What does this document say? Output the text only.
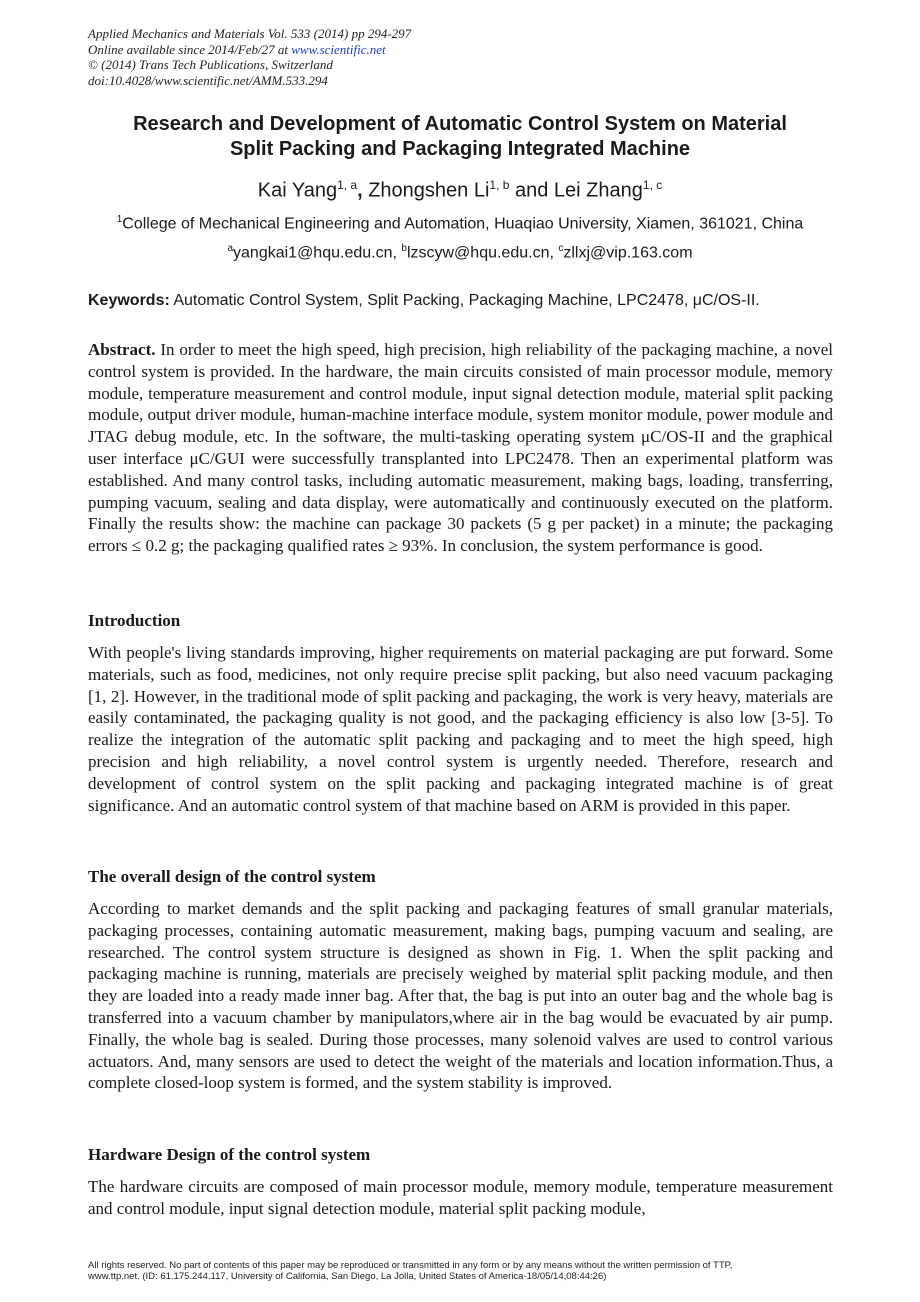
Applied Mechanics and Materials Vol. 533 (2014) pp 294-297
Online available since 2014/Feb/27 at www.scientific.net
© (2014) Trans Tech Publications, Switzerland
doi:10.4028/www.scientific.net/AMM.533.294
Research and Development of Automatic Control System on Material
Split Packing and Packaging Integrated Machine
Kai Yang$^{1, a}$, Zhongshen Li$^{1, b}$ and Lei Zhang$^{1, c}$
$^1$College of Mechanical Engineering and Automation, Huaqiao University, Xiamen, 361021, China
$^a$yangkai1@hqu.edu.cn, $^b$lzscyw@hqu.edu.cn, $^c$zllxj@vip.163.com
Keywords: Automatic Control System, Split Packing, Packaging Machine, LPC2478, μC/OS-II.
Abstract. In order to meet the high speed, high precision, high reliability of the packaging machine, a novel control system is provided. In the hardware, the main circuits consisted of main processor module, memory module, temperature measurement and control module, input signal detection module, material split packing module, output driver module, human-machine interface module, system monitor module, power module and JTAG debug module, etc. In the software, the multi-tasking operating system μC/OS-II and the graphical user interface μC/GUI were successfully transplanted into LPC2478. Then an experimental platform was established. And many control tasks, including automatic measurement, making bags, loading, transferring, pumping vacuum, sealing and data display, were automatically and continuously executed on the platform. Finally the results show: the machine can package 30 packets (5 g per packet) in a minute; the packaging errors ≤ 0.2 g; the packaging qualified rates ≥ 93%. In conclusion, the system performance is good.
Introduction
With people's living standards improving, higher requirements on material packaging are put forward. Some materials, such as food, medicines, not only require precise split packing, but also need vacuum packaging [1, 2]. However, in the traditional mode of split packing and packaging, the work is very heavy, materials are easily contaminated, the packaging quality is not good, and the packaging efficiency is also low [3-5]. To realize the integration of the automatic split packing and packaging and to meet the high speed, high precision and high reliability, a novel control system is urgently needed. Therefore, research and development of control system on the split packing and packaging integrated machine is of great significance. And an automatic control system of that machine based on ARM is provided in this paper.
The overall design of the control system
According to market demands and the split packing and packaging features of small granular materials, packaging processes, containing automatic measurement, making bags, pumping vacuum and sealing, are researched. The control system structure is designed as shown in Fig. 1. When the split packing and packaging machine is running, materials are precisely weighed by material split packing module, and then they are loaded into a ready made inner bag. After that, the bag is put into an outer bag and the whole bag is transferred into a vacuum chamber by manipulators,where air in the bag would be evacuated by air pump. Finally, the whole bag is sealed. During those processes, many solenoid valves are used to control various actuators. And, many sensors are used to detect the weight of the materials and location information.Thus, a complete closed-loop system is formed, and the system stability is improved.
Hardware Design of the control system
The hardware circuits are composed of main processor module, memory module, temperature measurement and control module, input signal detection module, material split packing module,
All rights reserved. No part of contents of this paper may be reproduced or transmitted in any form or by any means without the written permission of TTP,
www.ttp.net. (ID: 61.175.244.117, University of California, San Diego, La Jolla, United States of America-18/05/14,08:44:26)
